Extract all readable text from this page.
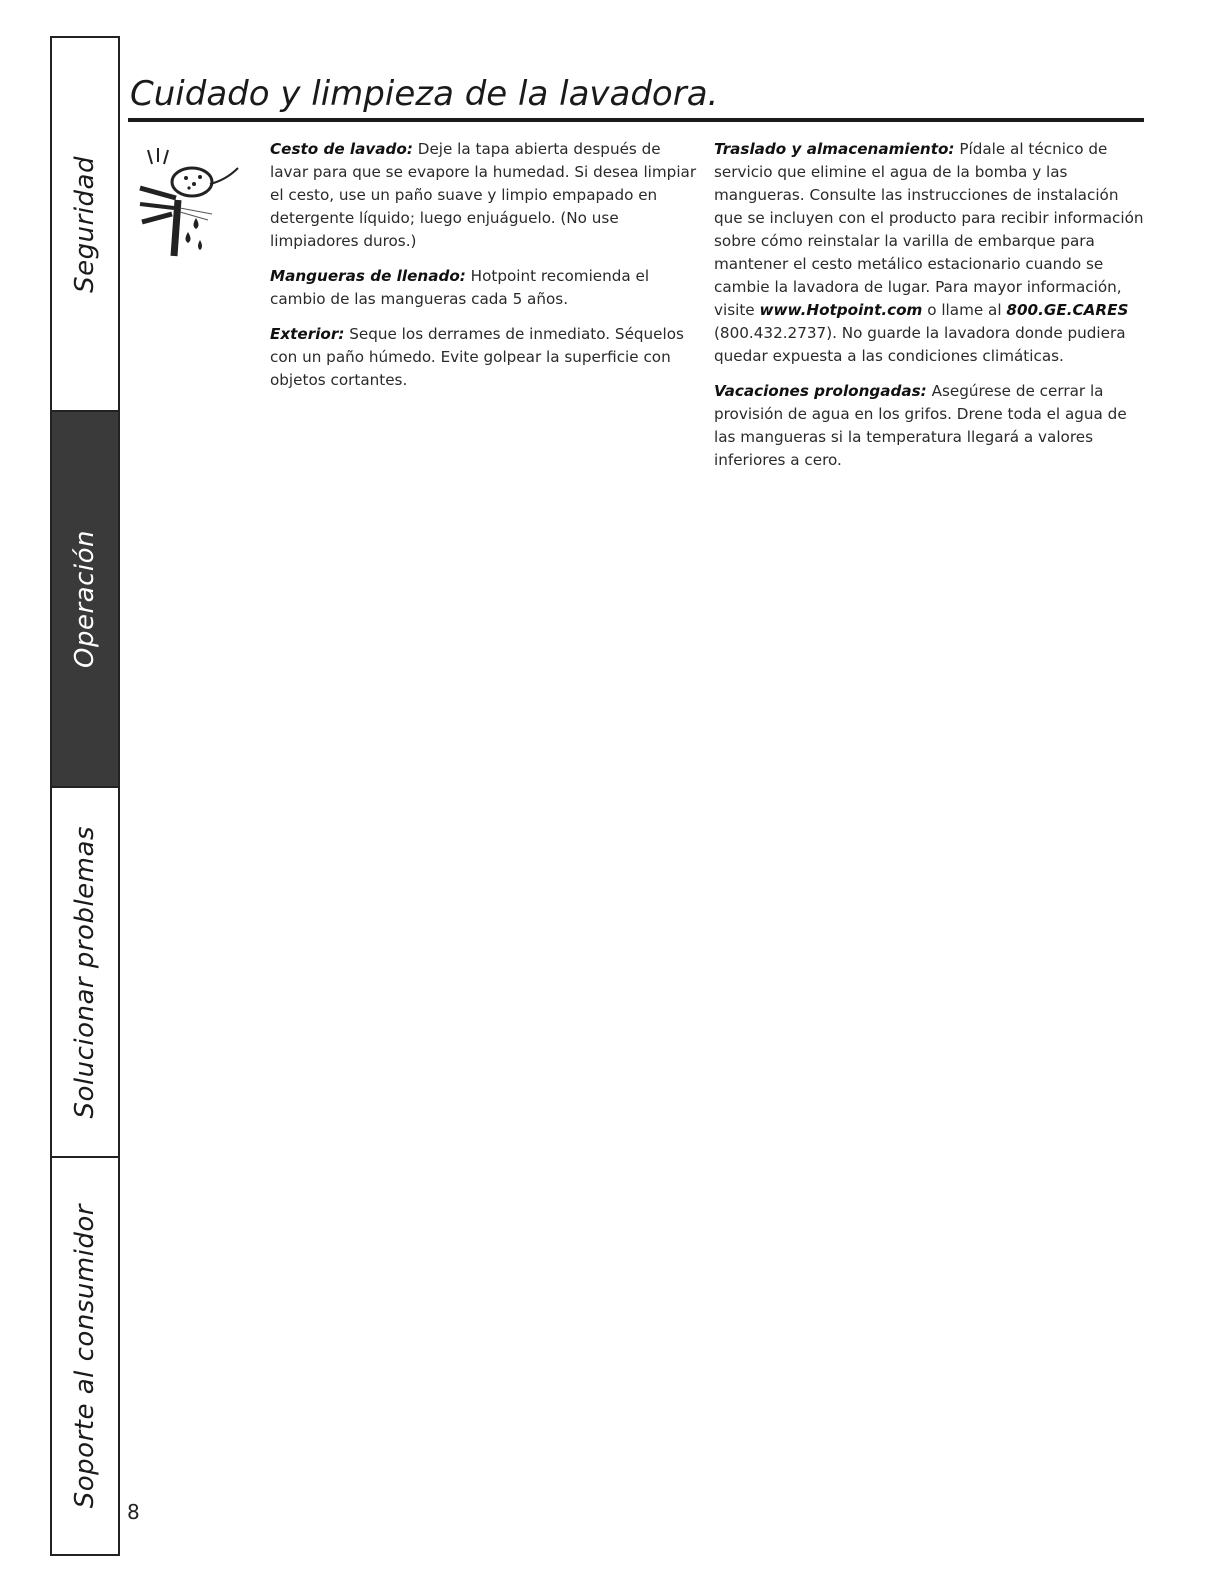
Seguridad
Operación
Solucionar problemas
Soporte al consumidor
8
Cuidado y limpieza de la lavadora.

Cesto de lavado: Deje la tapa abierta después de lavar para que se evapore la humedad. Si desea limpiar el cesto, use un paño suave y limpio empapado en detergente líquido; luego enjuáguelo. (No use limpiadores duros.)

Mangueras de llenado: Hotpoint recomienda el cambio de las mangueras cada 5 años.

Exterior: Seque los derrames de inmediato. Séquelos con un paño húmedo. Evite golpear la superficie con objetos cortantes.

Traslado y almacenamiento: Pídale al técnico de servicio que elimine el agua de la bomba y las mangueras. Consulte las instrucciones de instalación que se incluyen con el producto para recibir información sobre cómo reinstalar la varilla de embarque para mantener el cesto metálico estacionario cuando se cambie la lavadora de lugar. Para mayor información, visite www.Hotpoint.com o llame al 800.GE.CARES (800.432.2737). No guarde la lavadora donde pudiera quedar expuesta a las condiciones climáticas.

Vacaciones prolongadas: Asegúrese de cerrar la provisión de agua en los grifos. Drene toda el agua de las mangueras si la temperatura llegará a valores inferiores a cero.
